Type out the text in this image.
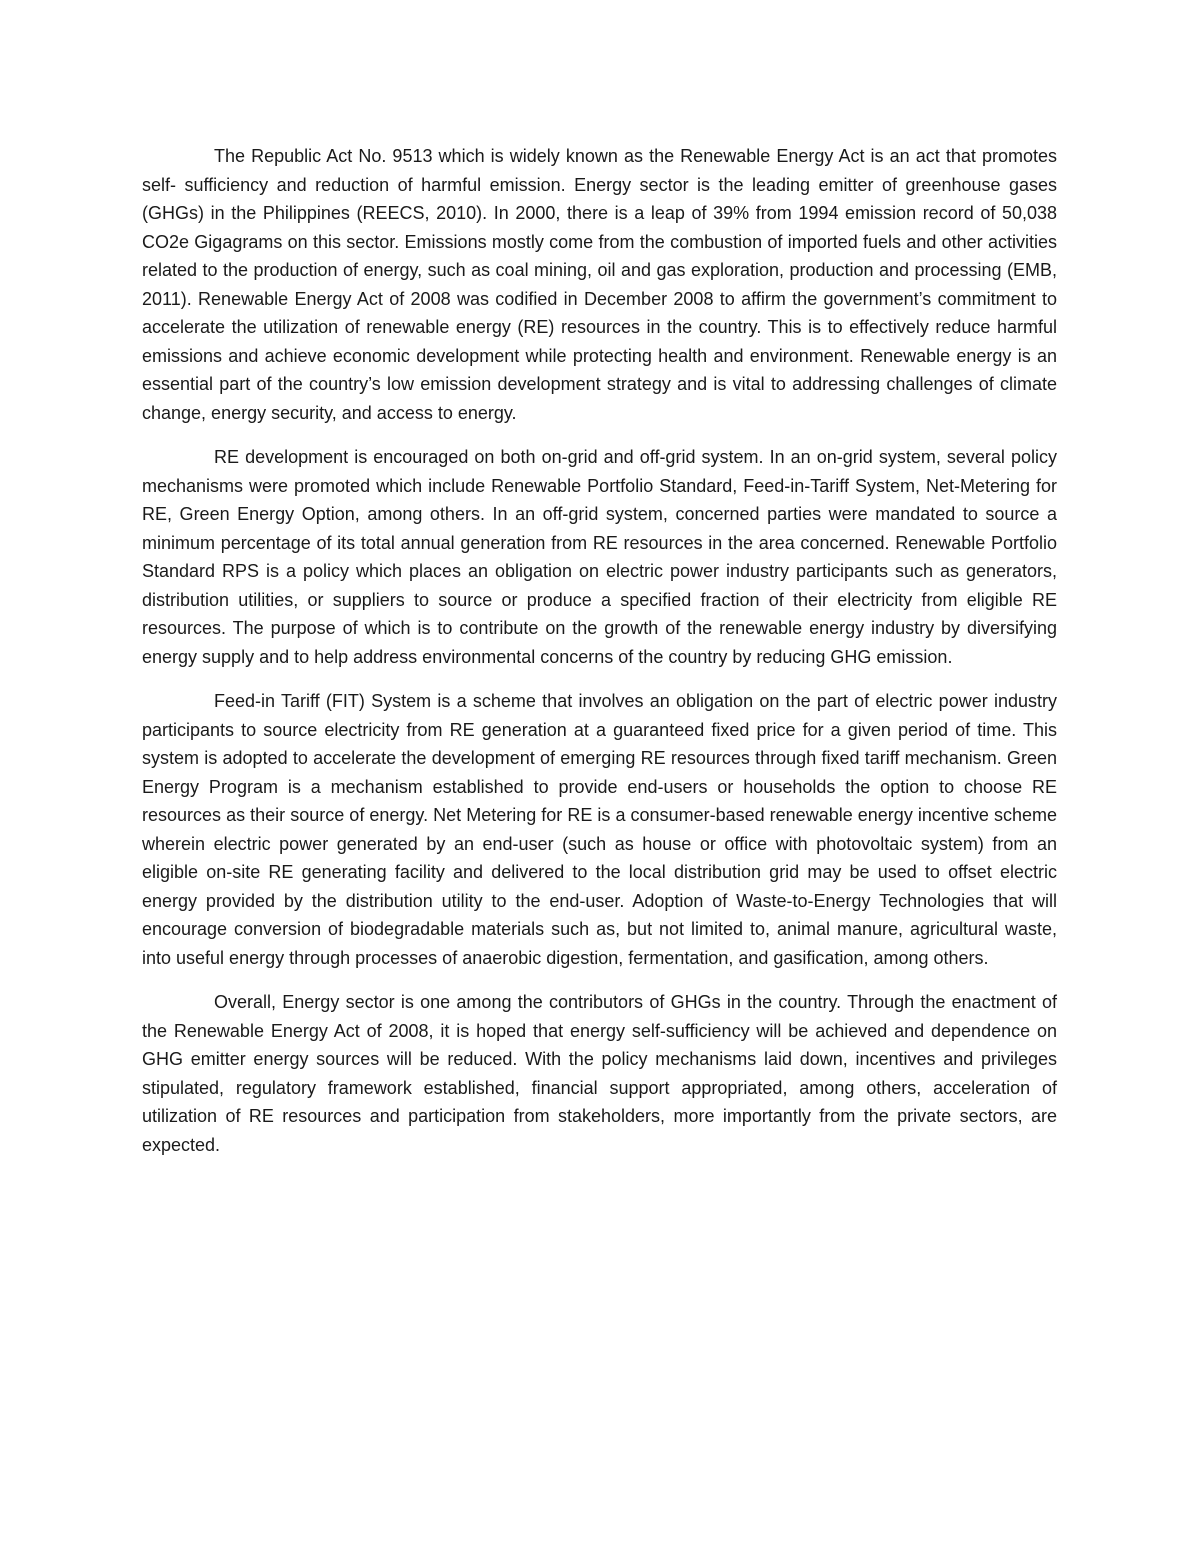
The Republic Act No. 9513 which is widely known as the Renewable Energy Act is an act that promotes self- sufficiency and reduction of harmful emission. Energy sector is the leading emitter of greenhouse gases (GHGs) in the Philippines (REECS, 2010). In 2000, there is a leap of 39% from 1994 emission record of 50,038 CO2e Gigagrams on this sector. Emissions mostly come from the combustion of imported fuels and other activities related to the production of energy, such as coal mining, oil and gas exploration, production and processing (EMB, 2011). Renewable Energy Act of 2008 was codified in December 2008 to affirm the government’s commitment to accelerate the utilization of renewable energy (RE) resources in the country. This is to effectively reduce harmful emissions and achieve economic development while protecting health and environment. Renewable energy is an essential part of the country’s low emission development strategy and is vital to addressing challenges of climate change, energy security, and access to energy.

RE development is encouraged on both on-grid and off-grid system. In an on-grid system, several policy mechanisms were promoted which include Renewable Portfolio Standard, Feed-in-Tariff System, Net-Metering for RE, Green Energy Option, among others. In an off-grid system, concerned parties were mandated to source a minimum percentage of its total annual generation from RE resources in the area concerned. Renewable Portfolio Standard RPS is a policy which places an obligation on electric power industry participants such as generators, distribution utilities, or suppliers to source or produce a specified fraction of their electricity from eligible RE resources. The purpose of which is to contribute on the growth of the renewable energy industry by diversifying energy supply and to help address environmental concerns of the country by reducing GHG emission.

Feed-in Tariff (FIT) System is a scheme that involves an obligation on the part of electric power industry participants to source electricity from RE generation at a guaranteed fixed price for a given period of time. This system is adopted to accelerate the development of emerging RE resources through fixed tariff mechanism. Green Energy Program is a mechanism established to provide end-users or households the option to choose RE resources as their source of energy. Net Metering for RE is a consumer-based renewable energy incentive scheme wherein electric power generated by an end-user (such as house or office with photovoltaic system) from an eligible on-site RE generating facility and delivered to the local distribution grid may be used to offset electric energy provided by the distribution utility to the end-user. Adoption of Waste-to-Energy Technologies that will encourage conversion of biodegradable materials such as, but not limited to, animal manure, agricultural waste, into useful energy through processes of anaerobic digestion, fermentation, and gasification, among others.

Overall, Energy sector is one among the contributors of GHGs in the country. Through the enactment of the Renewable Energy Act of 2008, it is hoped that energy self-sufficiency will be achieved and dependence on GHG emitter energy sources will be reduced. With the policy mechanisms laid down, incentives and privileges stipulated, regulatory framework established, financial support appropriated, among others, acceleration of utilization of RE resources and participation from stakeholders, more importantly from the private sectors, are expected.
